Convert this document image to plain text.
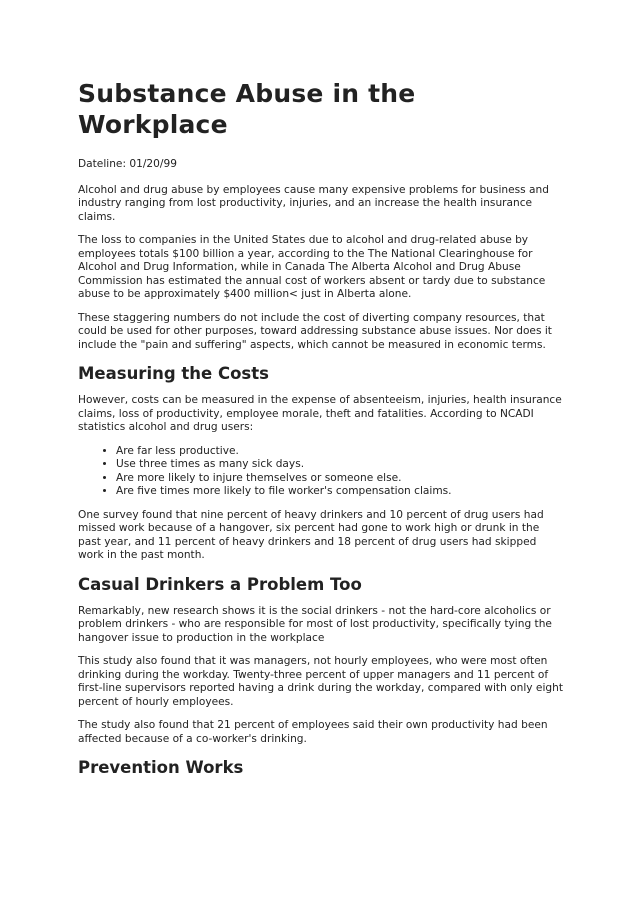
Substance Abuse in the Workplace

Dateline: 01/20/99

Alcohol and drug abuse by employees cause many expensive problems for business and industry ranging from lost productivity, injuries, and an increase the health insurance claims.

The loss to companies in the United States due to alcohol and drug-related abuse by employees totals $100 billion a year, according to the The National Clearinghouse for Alcohol and Drug Information, while in Canada The Alberta Alcohol and Drug Abuse Commission has estimated the annual cost of workers absent or tardy due to substance abuse to be approximately $400 million< just in Alberta alone.

These staggering numbers do not include the cost of diverting company resources, that could be used for other purposes, toward addressing substance abuse issues. Nor does it include the "pain and suffering" aspects, which cannot be measured in economic terms.

Measuring the Costs

However, costs can be measured in the expense of absenteeism, injuries, health insurance claims, loss of productivity, employee morale, theft and fatalities. According to NCADI statistics alcohol and drug users:

• Are far less productive.
• Use three times as many sick days.
• Are more likely to injure themselves or someone else.
• Are five times more likely to file worker's compensation claims.

One survey found that nine percent of heavy drinkers and 10 percent of drug users had missed work because of a hangover, six percent had gone to work high or drunk in the past year, and 11 percent of heavy drinkers and 18 percent of drug users had skipped work in the past month.

Casual Drinkers a Problem Too

Remarkably, new research shows it is the social drinkers - not the hard-core alcoholics or problem drinkers - who are responsible for most of lost productivity, specifically tying the hangover issue to production in the workplace

This study also found that it was managers, not hourly employees, who were most often drinking during the workday. Twenty-three percent of upper managers and 11 percent of first-line supervisors reported having a drink during the workday, compared with only eight percent of hourly employees.

The study also found that 21 percent of employees said their own productivity had been affected because of a co-worker's drinking.

Prevention Works
